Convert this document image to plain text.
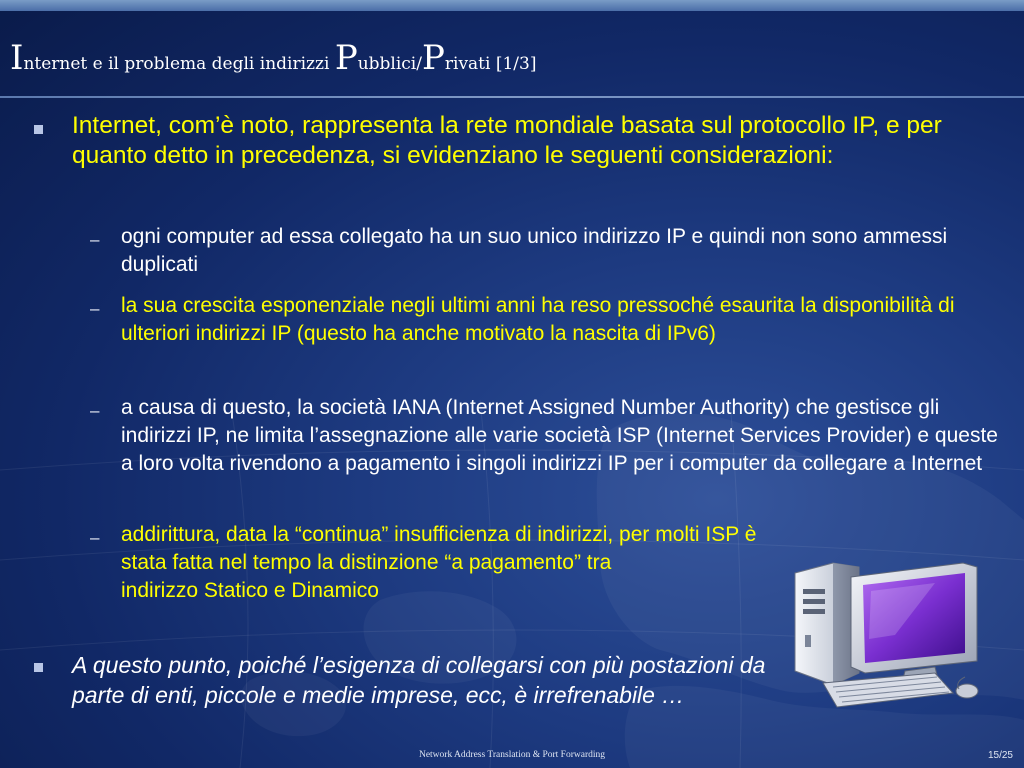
Internet e il problema degli indirizzi Pubblici/Privati [1/3]
Internet, com’è noto, rappresenta la rete mondiale basata sul protocollo IP, e per quanto detto in precedenza, si evidenziano le seguenti considerazioni:
– ogni computer ad essa collegato ha un suo unico indirizzo IP e quindi non sono ammessi duplicati
– la sua crescita esponenziale negli ultimi anni ha reso pressoché esaurita la disponibilità di ulteriori indirizzi IP (questo ha anche motivato la nascita di IPv6)
– a causa di questo, la società IANA (Internet Assigned Number Authority) che gestisce gli indirizzi IP, ne limita l’assegnazione alle varie società ISP (Internet Services Provider) e queste a loro volta rivendono a pagamento i singoli indirizzi IP per i computer da collegare a Internet
– addirittura, data la “continua” insufficienza di indirizzi, per molti ISP è
stata fatta nel tempo la distinzione “a pagamento” tra
indirizzo Statico e Dinamico
A questo punto, poiché l’esigenza di collegarsi con più postazioni da parte di enti, piccole e medie imprese, ecc, è irrefrenabile …
Network Address Translation & Port Forwarding	15/25
